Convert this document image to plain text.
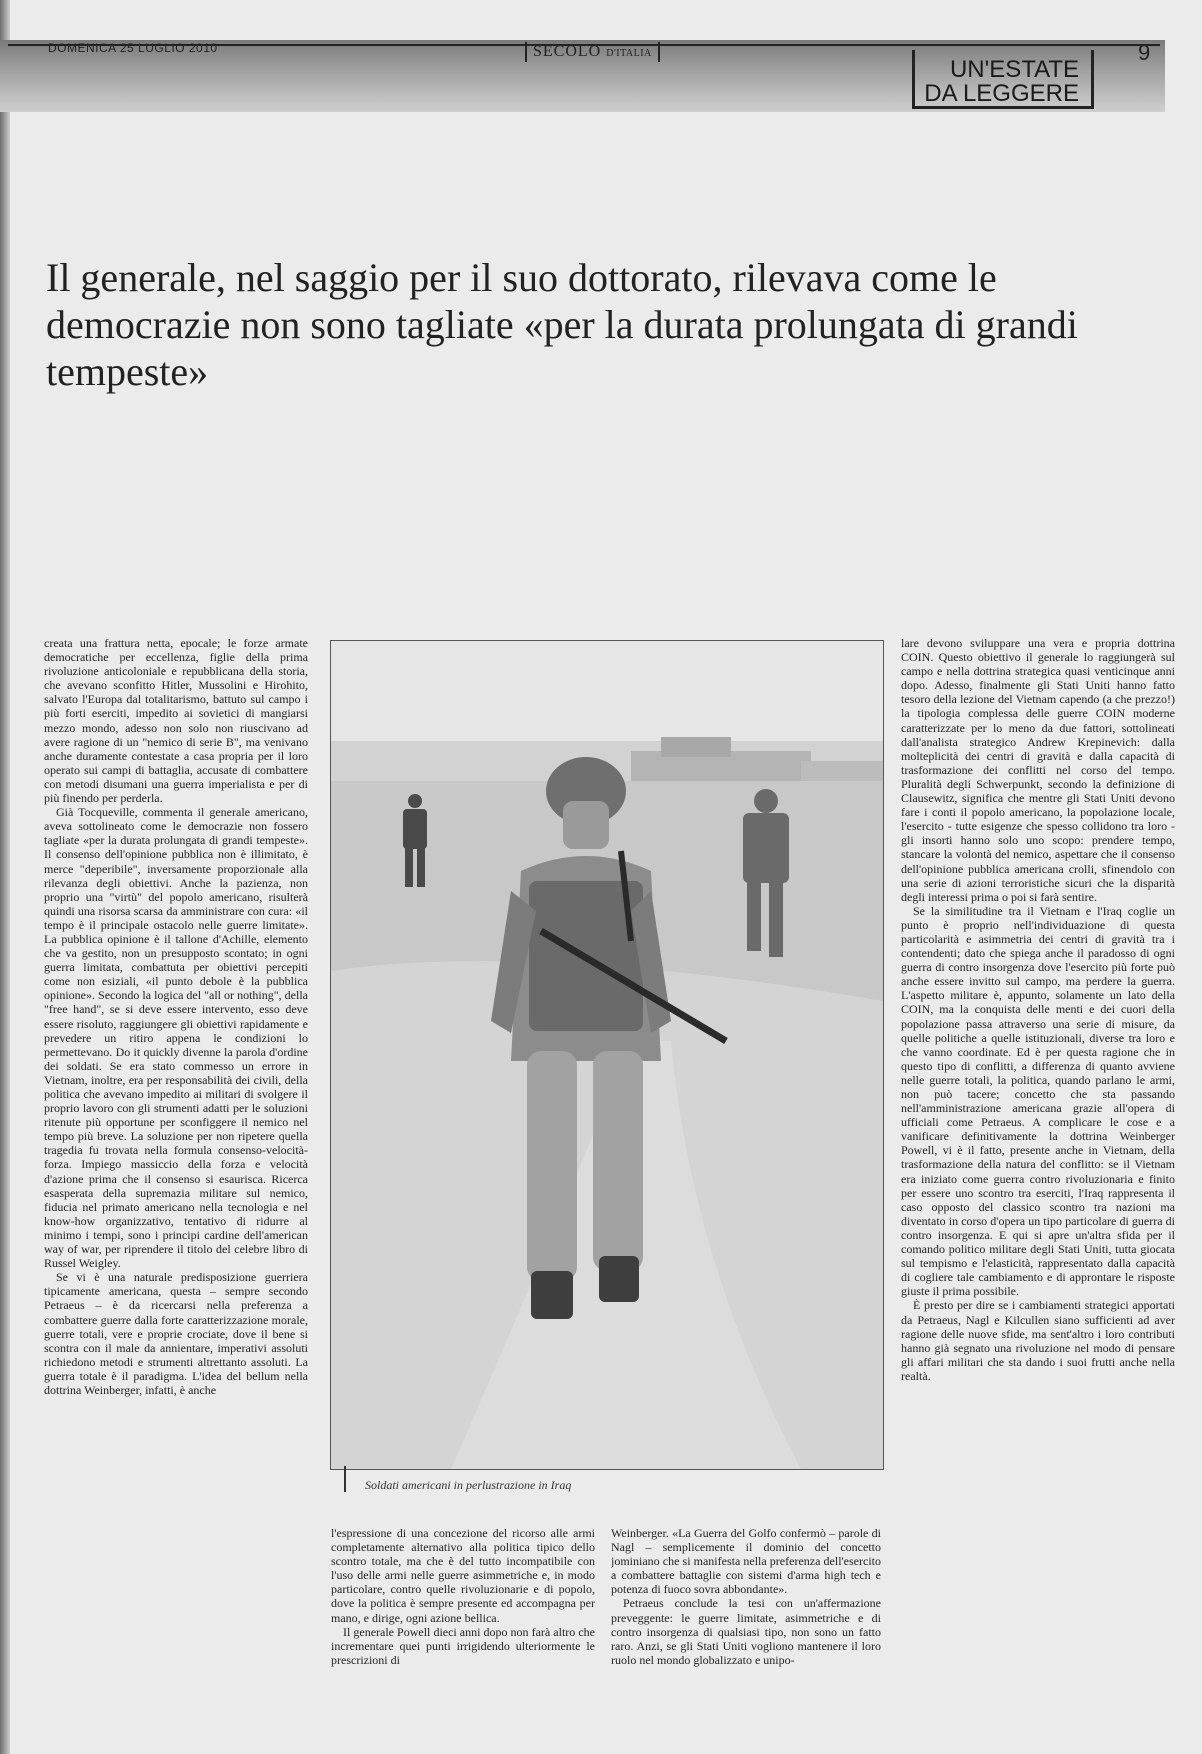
DOMENICA 25 LUGLIO 2010	SECOLO D'ITALIA
UN'ESTATE
DA LEGGERE
9
Il generale, nel saggio per il suo dottorato, rilevava come le democrazie non sono tagliate «per la durata prolungata di grandi tempeste»

creata una frattura netta, epocale; le forze armate democratiche per eccellenza, figlie della prima rivoluzione anticoloniale e repubblicana della storia, che avevano sconfitto Hitler, Mussolini e Hirohito, salvato l'Europa dal totalitarismo, battuto sul campo i più forti eserciti, impedito ai sovietici di mangiarsi mezzo mondo, adesso non solo non riuscivano ad avere ragione di un "nemico di serie B", ma venivano anche duramente contestate a casa propria per il loro operato sui campi di battaglia, accusate di combattere con metodi disumani una guerra imperialista e per di più finendo per perderla.

Già Tocqueville, commenta il generale americano, aveva sottolineato come le democrazie non fossero tagliate «per la durata prolungata di grandi tempeste». Il consenso dell'opinione pubblica non è illimitato, è merce "deperibile", inversamente proporzionale alla rilevanza degli obiettivi. Anche la pazienza, non proprio una "virtù" del popolo americano, risulterà quindi una risorsa scarsa da amministrare con cura: «il tempo è il principale ostacolo nelle guerre limitate». La pubblica opinione è il tallone d'Achille, elemento che va gestito, non un presupposto scontato; in ogni guerra limitata, combattuta per obiettivi percepiti come non esiziali, «il punto debole è la pubblica opinione». Secondo la logica del "all or nothing", della "free hand", se si deve essere intervento, esso deve essere risoluto, raggiungere gli obiettivi rapidamente e prevedere un ritiro appena le condizioni lo permettevano. Do it quickly divenne la parola d'ordine dei soldati. Se era stato commesso un errore in Vietnam, inoltre, era per responsabilità dei civili, della politica che avevano impedito ai militari di svolgere il proprio lavoro con gli strumenti adatti per le soluzioni ritenute più opportune per sconfiggere il nemico nel tempo più breve. La soluzione per non ripetere quella tragedia fu trovata nella formula consenso-velocità-forza. Impiego massiccio della forza e velocità d'azione prima che il consenso si esaurisca. Ricerca esasperata della supremazia militare sul nemico, fiducia nel primato americano nella tecnologia e nel know-how organizzativo, tentativo di ridurre al minimo i tempi, sono i principi cardine dell'american way of war, per riprendere il titolo del celebre libro di Russel Weigley.

Se vi è una naturale predisposizione guerriera tipicamente americana, questa – sempre secondo Petraeus – è da ricercarsi nella preferenza a combattere guerre dalla forte caratterizzazione morale, guerre totali, vere e proprie crociate, dove il bene si scontra con il male da annientare, imperativi assoluti richiedono metodi e strumenti altrettanto assoluti. La guerra totale è il paradigma. L'idea del bellum nella dottrina Weinberger, infatti, è anche

Soldati americani in perlustrazione in Iraq

l'espressione di una concezione del ricorso alle armi completamente alternativo alla politica tipico dello scontro totale, ma che è del tutto incompatibile con l'uso delle armi nelle guerre asimmetriche e, in modo particolare, contro quelle rivoluzionarie e di popolo, dove la politica è sempre presente ed accompagna per mano, e dirige, ogni azione bellica.

Il generale Powell dieci anni dopo non farà altro che incrementare quei punti irrigidendo ulteriormente le prescrizioni di

Weinberger. «La Guerra del Golfo confermò – parole di Nagl – semplicemente il dominio del concetto jominiano che si manifesta nella preferenza dell'esercito a combattere battaglie con sistemi d'arma high tech e potenza di fuoco sovra abbondante».

Petraeus conclude la tesi con un'affermazione preveggente: le guerre limitate, asimmetriche e di contro insorgenza di qualsiasi tipo, non sono un fatto raro. Anzi, se gli Stati Uniti vogliono mantenere il loro ruolo nel mondo globalizzato e unipo-

lare devono sviluppare una vera e propria dottrina COIN. Questo obiettivo il generale lo raggiungerà sul campo e nella dottrina strategica quasi venticinque anni dopo. Adesso, finalmente gli Stati Uniti hanno fatto tesoro della lezione del Vietnam capendo (a che prezzo!) la tipologia complessa delle guerre COIN moderne caratterizzate per lo meno da due fattori, sottolineati dall'analista strategico Andrew Krepinevich: dalla molteplicità dei centri di gravità e dalla capacità di trasformazione dei conflitti nel corso del tempo. Pluralità degli Schwerpunkt, secondo la definizione di Clausewitz, significa che mentre gli Stati Uniti devono fare i conti il popolo americano, la popolazione locale, l'esercito - tutte esigenze che spesso collidono tra loro - gli insorti hanno solo uno scopo: prendere tempo, stancare la volontà del nemico, aspettare che il consenso dell'opinione pubblica americana crolli, sfinendolo con una serie di azioni terroristiche sicuri che la disparità degli interessi prima o poi si farà sentire.

Se la similitudine tra il Vietnam e l'Iraq coglie un punto è proprio nell'individuazione di questa particolarità e asimmetria dei centri di gravità tra i contendenti; dato che spiega anche il paradosso di ogni guerra di contro insorgenza dove l'esercito più forte può anche essere invitto sul campo, ma perdere la guerra. L'aspetto militare è, appunto, solamente un lato della COIN, ma la conquista delle menti e dei cuori della popolazione passa attraverso una serie di misure, da quelle politiche a quelle istituzionali, diverse tra loro e che vanno coordinate. Ed è per questa ragione che in questo tipo di conflitti, a differenza di quanto avviene nelle guerre totali, la politica, quando parlano le armi, non può tacere; concetto che sta passando nell'amministrazione americana grazie all'opera di ufficiali come Petraeus. A complicare le cose e a vanificare definitivamente la dottrina Weinberger Powell, vi è il fatto, presente anche in Vietnam, della trasformazione della natura del conflitto: se il Vietnam era iniziato come guerra contro rivoluzionaria e finito per essere uno scontro tra eserciti, l'Iraq rappresenta il caso opposto del classico scontro tra nazioni ma diventato in corso d'opera un tipo particolare di guerra di contro insorgenza. E qui si apre un'altra sfida per il comando politico militare degli Stati Uniti, tutta giocata sul tempismo e l'elasticità, rappresentato dalla capacità di cogliere tale cambiamento e di approntare le risposte giuste il prima possibile.

È presto per dire se i cambiamenti strategici apportati da Petraeus, Nagl e Kilcullen siano sufficienti ad aver ragione delle nuove sfide, ma sent'altro i loro contributi hanno già segnato una rivoluzione nel modo di pensare gli affari militari che sta dando i suoi frutti anche nella realtà.
